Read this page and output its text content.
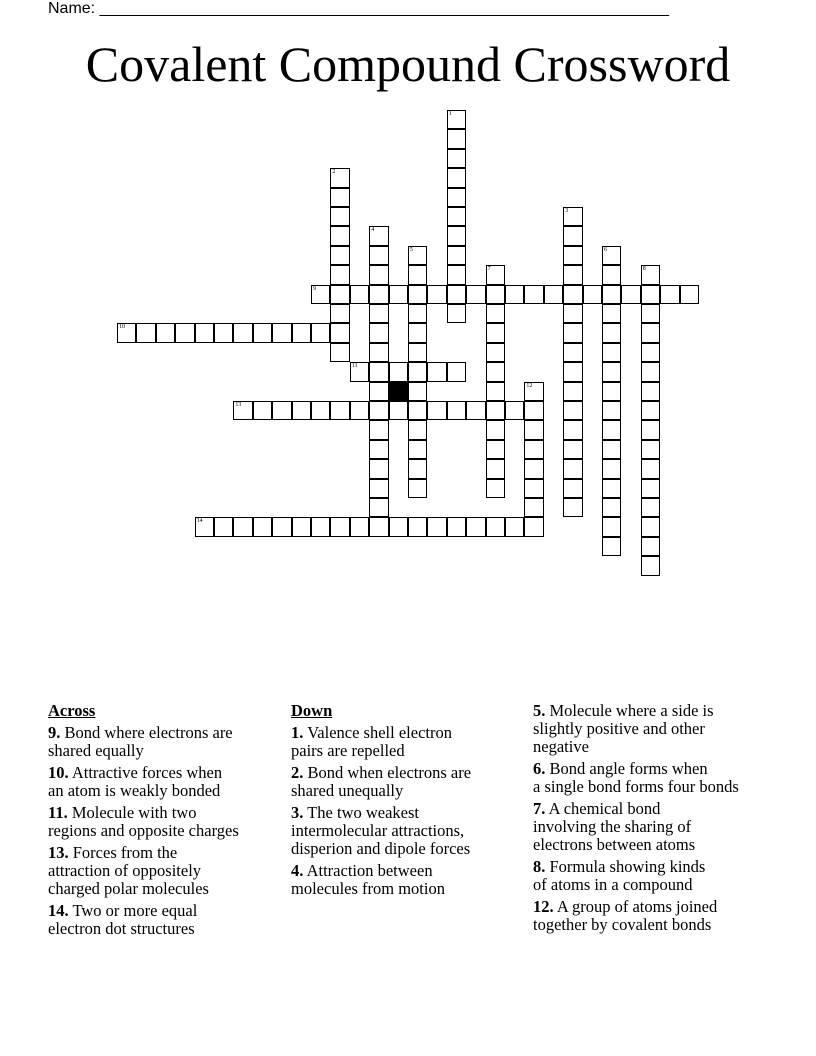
Name: ________________________________________________________________
Covalent Compound Crossword
1
2
3
4
5	6
7	8
9
10
11
12
13
14
Across
9. Bond where electrons are
shared equally
10. Attractive forces when
an atom is weakly bonded
11. Molecule with two
regions and opposite charges
13. Forces from the
attraction of oppositely
charged polar molecules
14. Two or more equal
electron dot structures
Down
1. Valence shell electron
pairs are repelled
2. Bond when electrons are
shared unequally
3. The two weakest
intermolecular attractions,
disperion and dipole forces
4. Attraction between
molecules from motion
5. Molecule where a side is
slightly positive and other
negative
6. Bond angle forms when
a single bond forms four bonds
7. A chemical bond
involving the sharing of
electrons between atoms
8. Formula showing kinds
of atoms in a compound
12. A group of atoms joined
together by covalent bonds
